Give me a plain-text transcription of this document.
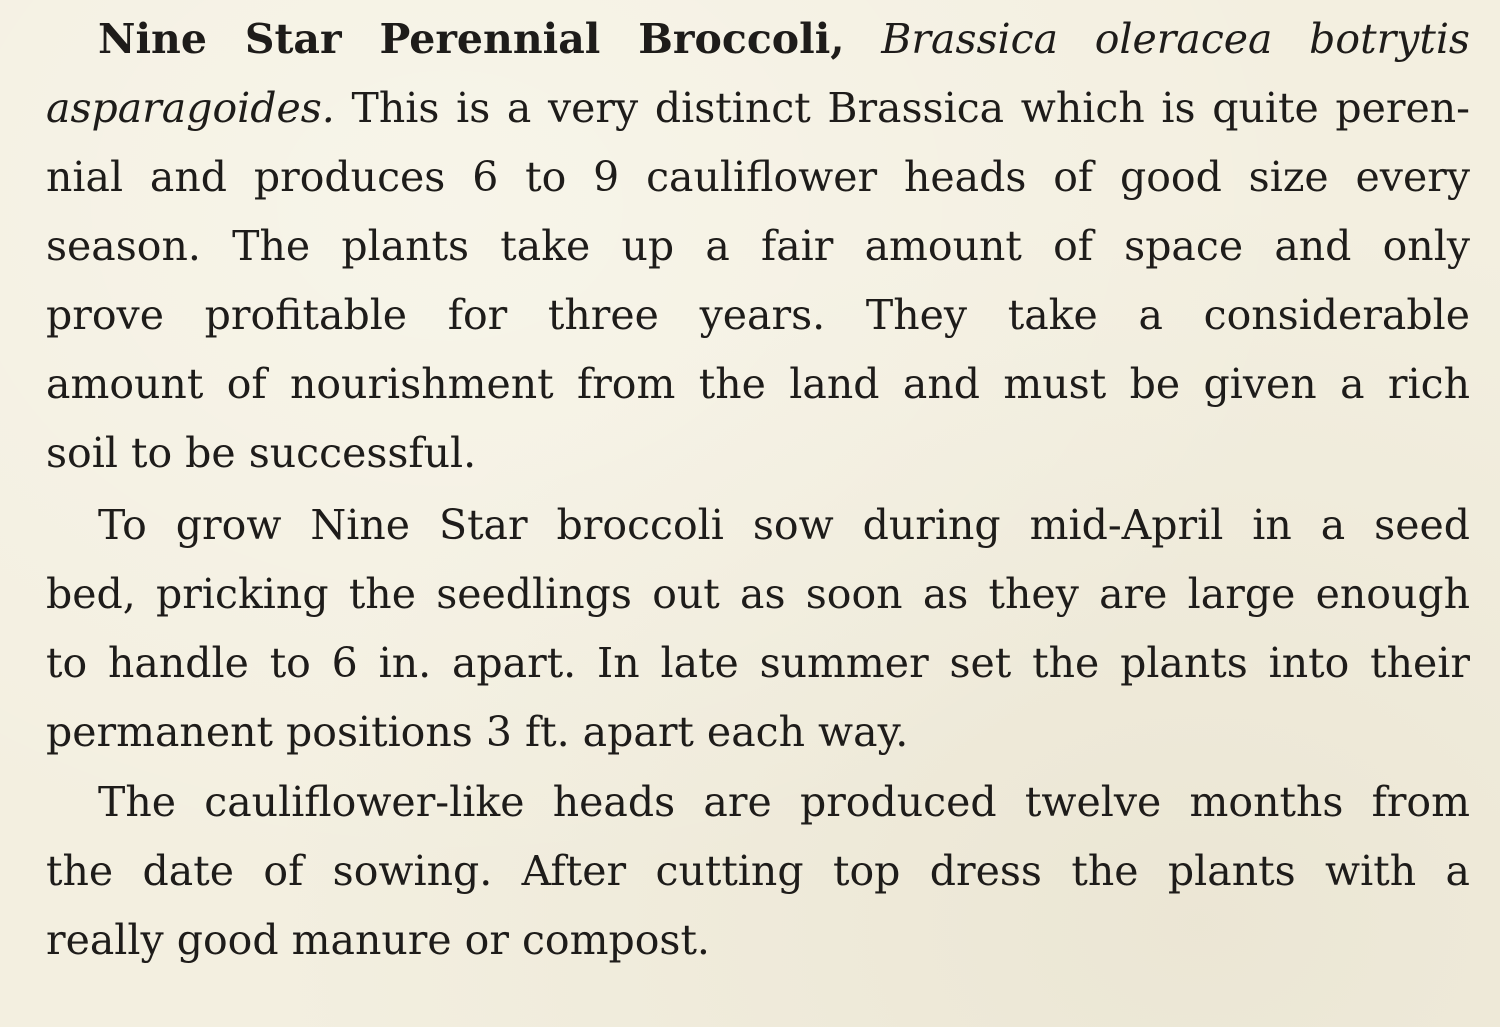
Nine Star Perennial Broccoli, Brassica oleracea botrytis
asparagoides. This is a very distinct Brassica which is quite peren-
nial and produces 6 to 9 cauliflower heads of good size every
season. The plants take up a fair amount of space and only
prove profitable for three years. They take a considerable
amount of nourishment from the land and must be given a rich
soil to be successful.
To grow Nine Star broccoli sow during mid-April in a seed
bed, pricking the seedlings out as soon as they are large enough
to handle to 6 in. apart. In late summer set the plants into their
permanent positions 3 ft. apart each way.
The cauliflower-like heads are produced twelve months from
the date of sowing. After cutting top dress the plants with a
really good manure or compost.
